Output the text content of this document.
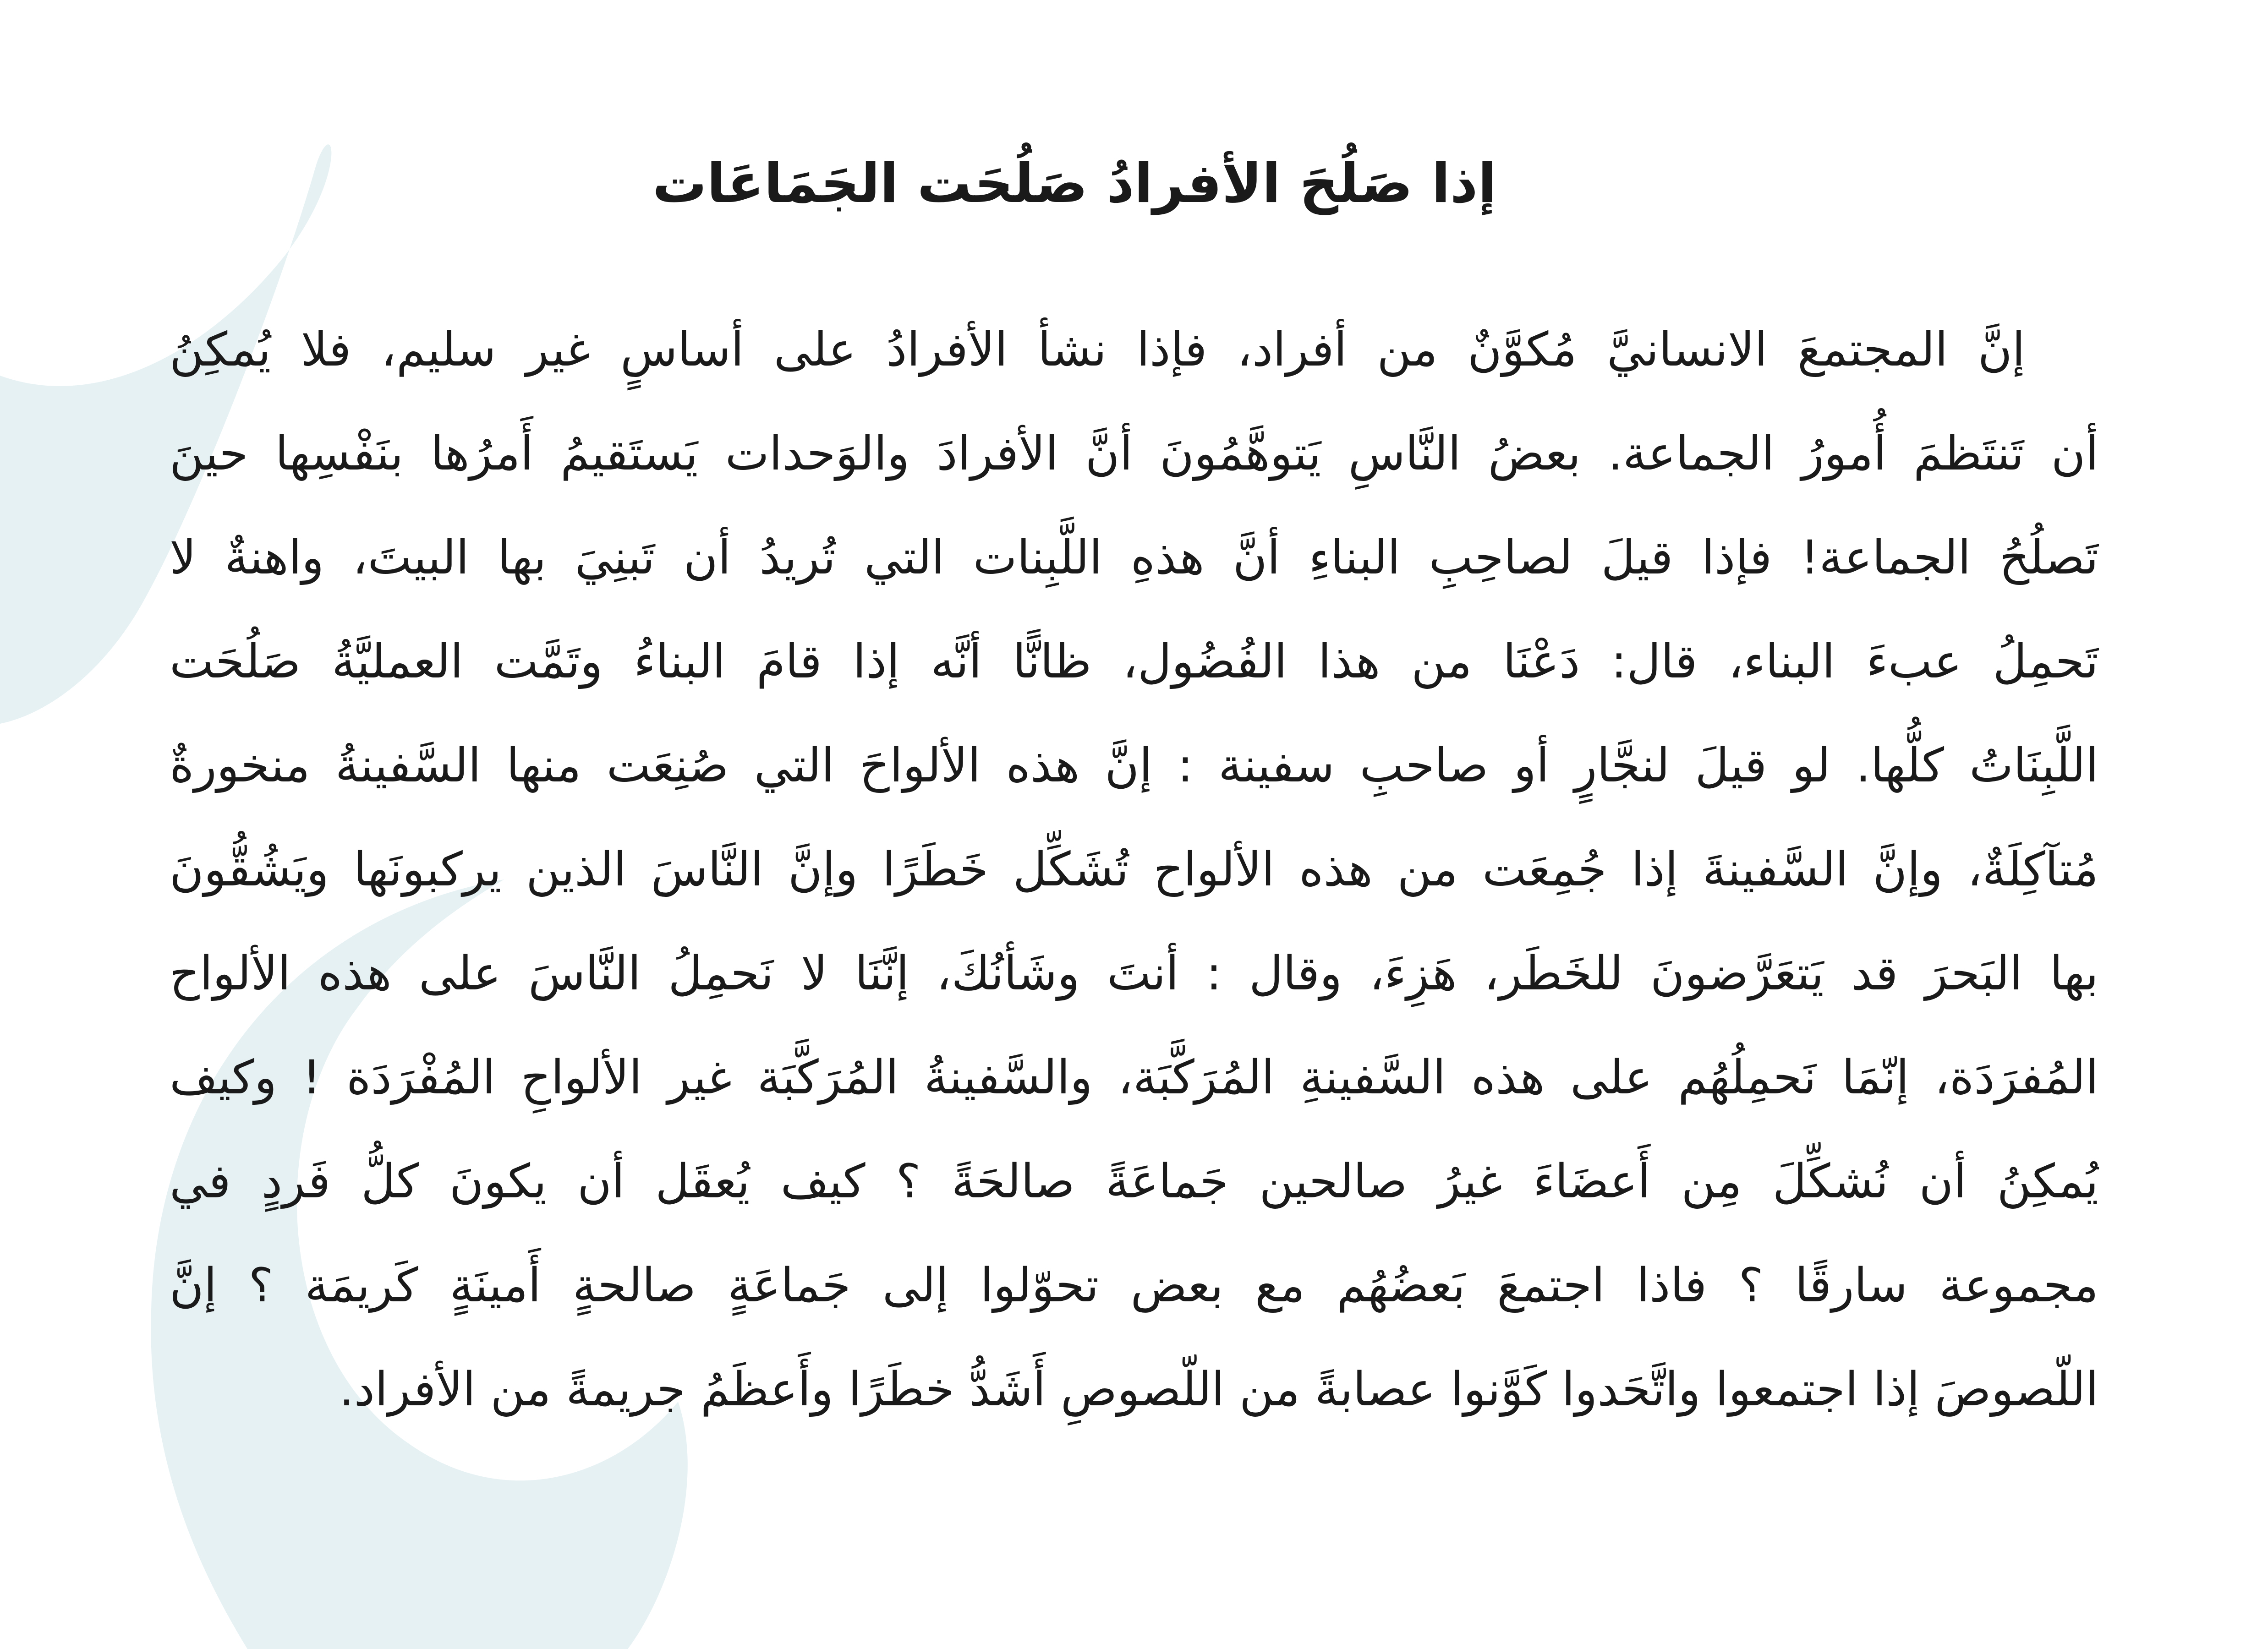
إذا صَلُحَ الأفرادُ صَلُحَت الجَمَاعَات
إنَّ المجتمعَ الانسانيَّ مُكوَّنٌ من أفراد، فإذا نشأ الأفرادُ على أساسٍ غير سليم، فلا يُمكِنُ
أن تَنتَظمَ أُمورُ الجماعة. بعضُ النَّاسِ يَتوهَّمُونَ أنَّ الأفرادَ والوَحدات يَستَقيمُ أَمرُها بنَفْسِها حينَ
تَصلُحُ الجماعة! فإذا قيلَ لصاحِبِ البناءِ أنَّ هذهِ اللَّبِنات التي تُريدُ أن تَبنِيَ بها البيتَ، واهنةٌ لا
تَحمِلُ عبءَ البناء، قال: دَعْنَا من هذا الفُضُول، ظانًّا أنَّه إذا قامَ البناءُ وتَمَّت العمليَّةُ صَلُحَت
اللَّبِنَاتُ كلُّها. لو قيلَ لنجَّارٍ أو صاحبِ سفينة : إنَّ هذه الألواحَ التي صُنِعَت منها السَّفينةُ منخورةٌ
مُتآكِلَةٌ، وإنَّ السَّفينةَ إذا جُمِعَت من هذه الألواح تُشَكِّل خَطَرًا وإنَّ النَّاسَ الذين يركبونَها ويَشُقُّونَ
بها البَحرَ قد يَتعَرَّضونَ للخَطَر، هَزِءَ، وقال : أنتَ وشَأنُكَ، إنَّنَا لا نَحمِلُ النَّاسَ على هذه الألواح
المُفرَدَة، إنّمَا نَحمِلُهُم على هذه السَّفينةِ المُرَكَّبَة، والسَّفينةُ المُرَكَّبَة غير الألواحِ المُفْرَدَة ! وكيف
يُمكِنُ أن نُشكِّلَ مِن أَعضَاءَ غيرُ صالحين جَماعَةً صالحَةً ؟ كيف يُعقَل أن يكونَ كلُّ فَردٍ في
مجموعة سارقًا ؟ فاذا اجتمعَ بَعضُهُم مع بعض تحوّلوا إلى جَماعَةٍ صالحةٍ أَمينَةٍ كَريمَة ؟ إنَّ
اللّصوصَ إذا اجتمعوا واتَّحَدوا كَوَّنوا عصابةً من اللّصوصِ أَشَدُّ خطَرًا وأَعظَمُ جريمةً من الأفراد.
